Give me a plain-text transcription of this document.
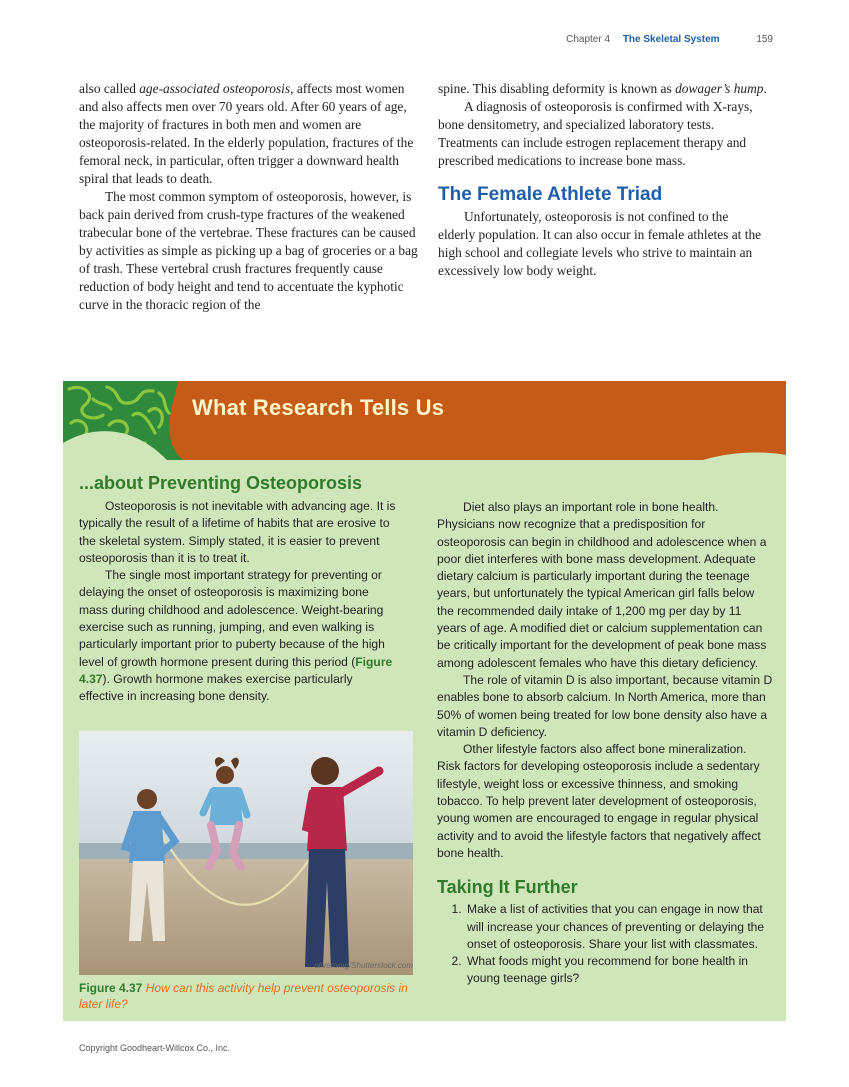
Chapter 4 The Skeletal System	159

also called age-associated osteoporosis, affects most women and also affects men over 70 years old. After 60 years of age, the majority of fractures in both men and women are osteoporosis-related. In the elderly population, fractures of the femoral neck, in particular, often trigger a downward health spiral that leads to death.

The most common symptom of osteoporosis, however, is back pain derived from crush-type fractures of the weakened trabecular bone of the vertebrae. These fractures can be caused by activities as simple as picking up a bag of groceries or a bag of trash. These vertebral crush fractures frequently cause reduction of body height and tend to accentuate the kyphotic curve in the thoracic region of the

spine. This disabling deformity is known as dowager’s hump.

A diagnosis of osteoporosis is confirmed with X-rays, bone densitometry, and specialized laboratory tests. Treatments can include estrogen replacement therapy and prescribed medications to increase bone mass.

The Female Athlete Triad

Unfortunately, osteoporosis is not confined to the elderly population. It can also occur in female athletes at the high school and collegiate levels who strive to maintain an excessively low body weight.

What Research Tells Us
...about Preventing Osteoporosis

Osteoporosis is not inevitable with advancing age. It is typically the result of a lifetime of habits that are erosive to the skeletal system. Simply stated, it is easier to prevent osteoporosis than it is to treat it.

The single most important strategy for preventing or delaying the onset of osteoporosis is maximizing bone mass during childhood and adolescence. Weight-bearing exercise such as running, jumping, and even walking is particularly important prior to puberty because of the high level of growth hormone present during this period (Figure 4.37). Growth hormone makes exercise particularly effective in increasing bone density.

oliveromg/Shutterstock.com
Figure 4.37 How can this activity help prevent osteoporosis in later life?

Diet also plays an important role in bone health. Physicians now recognize that a predisposition for osteoporosis can begin in childhood and adolescence when a poor diet interferes with bone mass development. Adequate dietary calcium is particularly important during the teenage years, but unfortunately the typical American girl falls below the recommended daily intake of 1,200 mg per day by 11 years of age. A modified diet or calcium supplementation can be critically important for the development of peak bone mass among adolescent females who have this dietary deficiency.

The role of vitamin D is also important, because vitamin D enables bone to absorb calcium. In North America, more than 50% of women being treated for low bone density also have a vitamin D deficiency.

Other lifestyle factors also affect bone mineralization. Risk factors for developing osteoporosis include a sedentary lifestyle, weight loss or excessive thinness, and smoking tobacco. To help prevent later development of osteoporosis, young women are encouraged to engage in regular physical activity and to avoid the lifestyle factors that negatively affect bone health.

Taking It Further
1. Make a list of activities that you can engage in now that will increase your chances of preventing or delaying the onset of osteoporosis. Share your list with classmates.
2. What foods might you recommend for bone health in young teenage girls?
Copyright Goodheart-Willcox Co., Inc.
